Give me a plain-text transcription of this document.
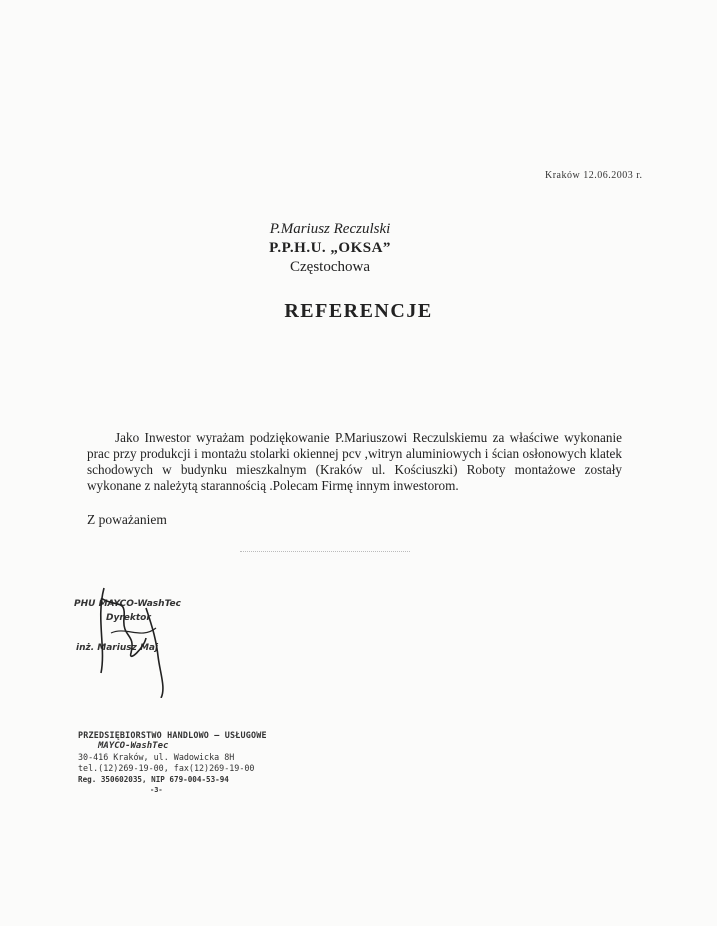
Kraków 12.06.2003 r.
P.Mariusz Reczulski
P.P.H.U. „OKSA”
Częstochowa
REFERENCJE
Jako Inwestor wyrażam podziękowanie P.Mariuszowi Reczulskiemu za właściwe wykonanie prac przy produkcji i montażu stolarki okiennej pcv ,witryn aluminiowych i ścian osłonowych klatek schodowych w budynku mieszkalnym (Kraków ul. Kościuszki) Roboty montażowe zostały wykonane z należytą starannością .Polecam Firmę innym inwestorom.
Z poważaniem
PHU MAYCO-WashTec
Dyrektor
inż. Mariusz Maj
PRZEDSIĘBIORSTWO HANDLOWO – USŁUGOWE
MAYCO-WashTec
30-416 Kraków, ul. Wadowicka 8H
tel.(12)269-19-00, fax(12)269-19-00
Reg. 350602035, NIP 679-004-53-94
-3-
